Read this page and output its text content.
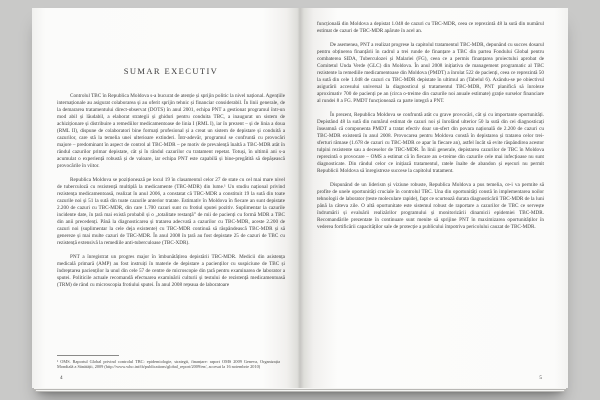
SUMAR EXECUTIV

Controlul TBC în Republica Moldova s-a bucurat de atenție și sprijin politic la nivel național. Agențiile internaționale au asigurat colaborarea și au oferit sprijin tehnic și financiar considerabil. În linii generale, de la demararea tratamentului direct-observat (DOTS) în anul 2001, echipa PNT a gestionat programul într-un mod abil și lăudabil, a elaborat strategii și ghiduri pentru conduita TBC, a inaugurat un sistem de achiziționare și distribuire a remediilor medicamentoase de linia I (RML I), iar în prezent – și de linia a doua (RML II), dispune de colaboratori bine formați profesional și a creat un sistem de depistare și conduită a cazurilor, care stă la temelia unei ulterioare extinderi. Într-adevăr, programul se confruntă cu provocări majore – predominant în aspect de control al TBC-MDR – pe motiv de prevalență înaltă a TBC-MDR atât în rândul cazurilor primar depistate, cât și în rândul cazurilor cu tratament repetat. Totuși, în ultimii ani s-a acumulat o experiență robustă și de valoare, iar echipa PNT este capabilă și bine-pregătită să depășească provocările în viitor.

Republica Moldova se poziționează pe locul 19 în clasamentul celor 27 de state cu cel mai mare nivel de tuberculoză cu rezistență multiplă la medicamente (TBC-MDR) din lume.¹ Un studiu național privind rezistența medicamentoasă, realizat în anul 2006, a constatat că TBC-MDR a constituit 19 la sută din toate cazurile noi și 51 la sută din toate cazurile anterior tratate. Estimativ în Moldova în fiecare an sunt depistate 2.200 de cazuri cu TBC-MDR, din care 1.700 cazuri sunt cu frotiul sputei pozitiv. Suplimentar la cazurile incidente date, în țară mai există probabil și o „totalitate restanță” de mii de pacienți cu formă MDR a TBC din anii precedenți. Până la diagnosticarea și tratarea adecvată a cazurilor cu TBC-MDR, aceste 2.200 de cazuri noi (suplimentar la cele deja existente) cu TBC-MDR continuă să răspândească TBC-MDR și să genereze și mai multe cazuri de TBC-MDR. În anul 2008 în țară au fost depistate 25 de cazuri de TBC cu rezistență extensivă la remediile anti-tuberculoase (TBC-XDR).

PNT a înregistrat un progres major în îmbunătățirea depistării TBC-MDR. Medicii din asistența medicală primară (AMP) au fost instruiți în materie de depistare a pacienților cu suspiciune de TBC și îndreptarea pacienților la unul din cele 57 de centre de microscopie din țară pentru examinarea de laborator a sputei. Politicile actuale recomandă efectuarea examinării culturii și testului de rezistență medicamentoasă (TRM) de rând cu microscopia frotiului sputei. În anul 2008 rețeaua de laboratoare

¹ OMS. Raportul Global privind controlul TBC: epidemiologie, strategii, finanțare: raport OMS 2009 Geneva, Organizația Mondială a Sănătății, 2009 (http://www.who.int/tb/publications/global_report/2009/en/, accesat la 16 noiembrie 2010)

4

funcțională din Moldova a depistat 1.048 de cazuri cu TBC-MDR, ceea ce reprezintă 48 la sută din numărul estimat de cazuri de TBC-MDR apărute în acel an.

De asemenea, PNT a realizat progrese la capitolul tratamentul TBC-MDR, depunând cu succes dosarul pentru obținerea finanțării în cadrul a trei runde de finanțare a TBC din partea Fondului Global pentru combaterea SIDA, Tuberculozei și Malariei (FG), ceea ce a permis finanțarea proiectului aprobat de Comitetul Unda Verde (GLC) din Moldova. În anul 2008 inițiativa de management programatic al TBC rezistente la remediile medicamentoase din Moldova (PMDT) a înrolat 522 de pacienți, ceea ce reprezintă 50 la sută din cele 1.048 de cazuri cu TBC-MDR depistate în ultimul an (Tabelul 6). Axându-se pe obiectivul asigurării accesului universal la diagnosticul și tratamentul TBC-MDR, PNT planifică să înroleze aproximativ 700 de pacienți pe an (circa o-treime din cazurile noi anuale estimate) grație surselor financiare al rundei 8 a FG. PMDT funcționează ca parte integră a PNT.

În prezent, Republica Moldova se confruntă atât cu grave provocări, cât și cu importante oportunități. Depistând 48 la sută din numărul estimat de cazuri noi și înrolând ulterior 50 la sută din cei diagnosticați înseamnă că componenta PMDT a tratat efectiv doar un-sfert din povara națională de 2.200 de cazuri cu TBC-MDR existentă în anul 2008. Provocarea pentru Moldova constă în depistarea și tratarea celor trei-sferturi rămase (1.678 de cazuri cu TBC-MDR ce apar în fiecare an), astfel încât să evite răspândirea acestor tulpini rezistente sau a deceselor de TBC-MDR. În linii generale, depistarea cazurilor de TBC în Moldova reprezintă o provocare – OMS a estimat că în fiecare an o-treime din cazurile cele mai infecțioase nu sunt diagnosticate. Din rândul celor ce inițiază tratamentul, ratele înalte de abandon și eșecuri nu permit Republicii Moldova să înregistreze succese la capitolul tratament.

Dispunând de un liderism și viziune robuste, Republica Moldova a pus temelia, ce-i va permite să profite de unele oportunități cruciale în controlul TBC. Una din oportunități constă în implementarea noilor tehnologii de laborator (teste moleculare rapide), fapt ce scurtează durata diagnosticării TBC-MDR de la luni până la câteva zile. O altă oportunitate este sistemul robust de raportare a cazurilor de TBC ce servește îndrumării și evaluării realizărilor programului și monitorizării dinamicii epidemiei TBC-MDR. Recomandările prezentate în continuare sunt menite să sprijine PNT în maximizarea oportunităților în vederea fortificării capacităților sale de protecție a publicului împotriva pericolului cauzat de TBC-MDR.

5
